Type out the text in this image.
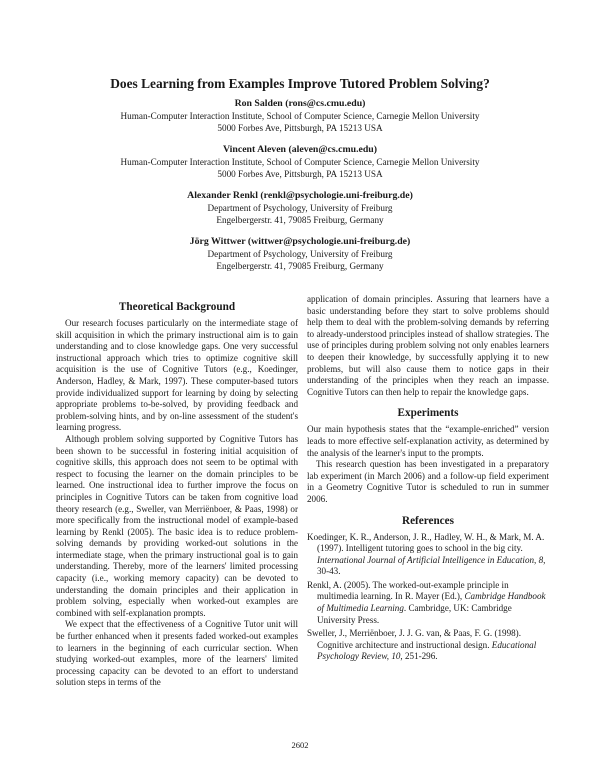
Does Learning from Examples Improve Tutored Problem Solving?
Ron Salden (rons@cs.cmu.edu)
Human-Computer Interaction Institute, School of Computer Science, Carnegie Mellon University
5000 Forbes Ave, Pittsburgh, PA 15213 USA
Vincent Aleven (aleven@cs.cmu.edu)
Human-Computer Interaction Institute, School of Computer Science, Carnegie Mellon University
5000 Forbes Ave, Pittsburgh, PA 15213 USA
Alexander Renkl (renkl@psychologie.uni-freiburg.de)
Department of Psychology, University of Freiburg
Engelbergerstr. 41, 79085 Freiburg, Germany
Jörg Wittwer (wittwer@psychologie.uni-freiburg.de)
Department of Psychology, University of Freiburg
Engelbergerstr. 41, 79085 Freiburg, Germany
Theoretical Background

Our research focuses particularly on the intermediate stage of skill acquisition in which the primary instructional aim is to gain understanding and to close knowledge gaps. One very successful instructional approach which tries to optimize cognitive skill acquisition is the use of Cognitive Tutors (e.g., Koedinger, Anderson, Hadley, & Mark, 1997). These computer-based tutors provide individualized support for learning by doing by selecting appropriate problems to-be-solved, by providing feedback and problem-solving hints, and by on-line assessment of the student's learning progress.

Although problem solving supported by Cognitive Tutors has been shown to be successful in fostering initial acquisition of cognitive skills, this approach does not seem to be optimal with respect to focusing the learner on the domain principles to be learned. One instructional idea to further improve the focus on principles in Cognitive Tutors can be taken from cognitive load theory research (e.g., Sweller, van Merriënboer, & Paas, 1998) or more specifically from the instructional model of example-based learning by Renkl (2005). The basic idea is to reduce problem-solving demands by providing worked-out solutions in the intermediate stage, when the primary instructional goal is to gain understanding. Thereby, more of the learners' limited processing capacity (i.e., working memory capacity) can be devoted to understanding the domain principles and their application in problem solving, especially when worked-out examples are combined with self-explanation prompts.

We expect that the effectiveness of a Cognitive Tutor unit will be further enhanced when it presents faded worked-out examples to learners in the beginning of each curricular section. When studying worked-out examples, more of the learners' limited processing capacity can be devoted to an effort to understand solution steps in terms of the

application of domain principles. Assuring that learners have a basic understanding before they start to solve problems should help them to deal with the problem-solving demands by referring to already-understood principles instead of shallow strategies. The use of principles during problem solving not only enables learners to deepen their knowledge, by successfully applying it to new problems, but will also cause them to notice gaps in their understanding of the principles when they reach an impasse. Cognitive Tutors can then help to repair the knowledge gaps.

Experiments

Our main hypothesis states that the “example-enriched” version leads to more effective self-explanation activity, as determined by the analysis of the learner's input to the prompts.

This research question has been investigated in a preparatory lab experiment (in March 2006) and a follow-up field experiment in a Geometry Cognitive Tutor is scheduled to run in summer 2006.

References

Koedinger, K. R., Anderson, J. R., Hadley, W. H., & Mark, M. A. (1997). Intelligent tutoring goes to school in the big city. International Journal of Artificial Intelligence in Education, 8, 30-43.

Renkl, A. (2005). The worked-out-example principle in multimedia learning. In R. Mayer (Ed.), Cambridge Handbook of Multimedia Learning. Cambridge, UK: Cambridge University Press.

Sweller, J., Merriënboer, J. J. G. van, & Paas, F. G. (1998). Cognitive architecture and instructional design. Educational Psychology Review, 10, 251-296.

2602
